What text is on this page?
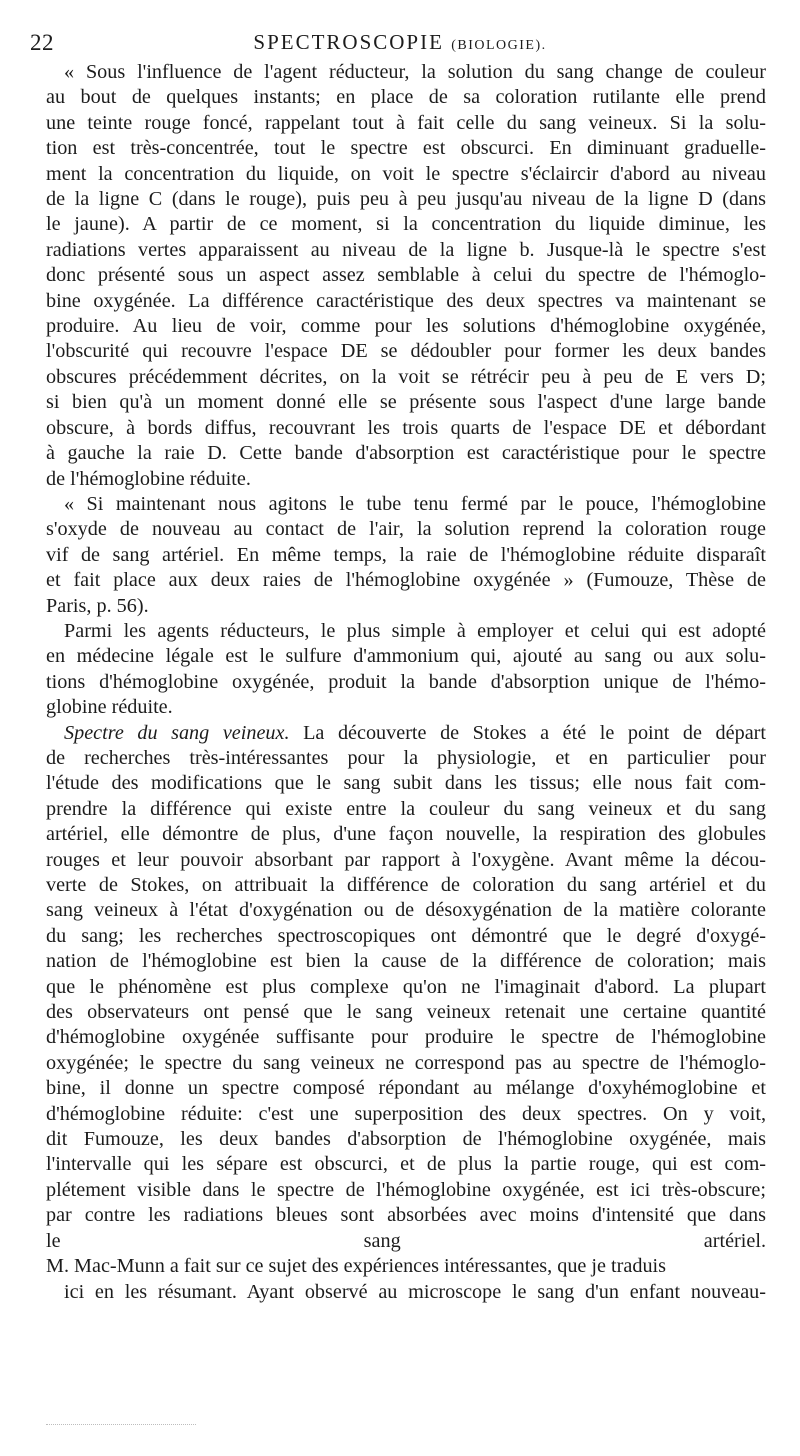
22	SPECTROSCOPIE (BIOLOGIE).
« Sous l'influence de l'agent réducteur, la solution du sang change de couleur
au bout de quelques instants; en place de sa coloration rutilante elle prend
une teinte rouge foncé, rappelant tout à fait celle du sang veineux. Si la solu-
tion est très-concentrée, tout le spectre est obscurci. En diminuant graduelle-
ment la concentration du liquide, on voit le spectre s'éclaircir d'abord au niveau
de la ligne C (dans le rouge), puis peu à peu jusqu'au niveau de la ligne D (dans
le jaune). A partir de ce moment, si la concentration du liquide diminue, les
radiations vertes apparaissent au niveau de la ligne b. Jusque-là le spectre s'est
donc présenté sous un aspect assez semblable à celui du spectre de l'hémoglo-
bine oxygénée. La différence caractéristique des deux spectres va maintenant se
produire. Au lieu de voir, comme pour les solutions d'hémoglobine oxygénée,
l'obscurité qui recouvre l'espace DE se dédoubler pour former les deux bandes
obscures précédemment décrites, on la voit se rétrécir peu à peu de E vers D;
si bien qu'à un moment donné elle se présente sous l'aspect d'une large bande
obscure, à bords diffus, recouvrant les trois quarts de l'espace DE et débordant
à gauche la raie D. Cette bande d'absorption est caractéristique pour le spectre
de l'hémoglobine réduite.
« Si maintenant nous agitons le tube tenu fermé par le pouce, l'hémoglobine
s'oxyde de nouveau au contact de l'air, la solution reprend la coloration rouge
vif de sang artériel. En même temps, la raie de l'hémoglobine réduite disparaît
et fait place aux deux raies de l'hémoglobine oxygénée » (Fumouze, Thèse de
Paris, p. 56).
Parmi les agents réducteurs, le plus simple à employer et celui qui est adopté
en médecine légale est le sulfure d'ammonium qui, ajouté au sang ou aux solu-
tions d'hémoglobine oxygénée, produit la bande d'absorption unique de l'hémo-
globine réduite.
Spectre du sang veineux. La découverte de Stokes a été le point de départ
de recherches très-intéressantes pour la physiologie, et en particulier pour
l'étude des modifications que le sang subit dans les tissus; elle nous fait com-
prendre la différence qui existe entre la couleur du sang veineux et du sang
artériel, elle démontre de plus, d'une façon nouvelle, la respiration des globules
rouges et leur pouvoir absorbant par rapport à l'oxygène. Avant même la décou-
verte de Stokes, on attribuait la différence de coloration du sang artériel et du
sang veineux à l'état d'oxygénation ou de désoxygénation de la matière colorante
du sang; les recherches spectroscopiques ont démontré que le degré d'oxygé-
nation de l'hémoglobine est bien la cause de la différence de coloration; mais
que le phénomène est plus complexe qu'on ne l'imaginait d'abord. La plupart
des observateurs ont pensé que le sang veineux retenait une certaine quantité
d'hémoglobine oxygénée suffisante pour produire le spectre de l'hémoglobine
oxygénée; le spectre du sang veineux ne correspond pas au spectre de l'hémoglo-
bine, il donne un spectre composé répondant au mélange d'oxyhémoglobine et
d'hémoglobine réduite: c'est une superposition des deux spectres. On y voit,
dit Fumouze, les deux bandes d'absorption de l'hémoglobine oxygénée, mais
l'intervalle qui les sépare est obscurci, et de plus la partie rouge, qui est com-
plétement visible dans le spectre de l'hémoglobine oxygénée, est ici très-obscure;
par contre les radiations bleues sont absorbées avec moins d'intensité que dans
le sang artériel.
M. Mac-Munn a fait sur ce sujet des expériences intéressantes, que je traduis
ici en les résumant. Ayant observé au microscope le sang d'un enfant nouveau-
